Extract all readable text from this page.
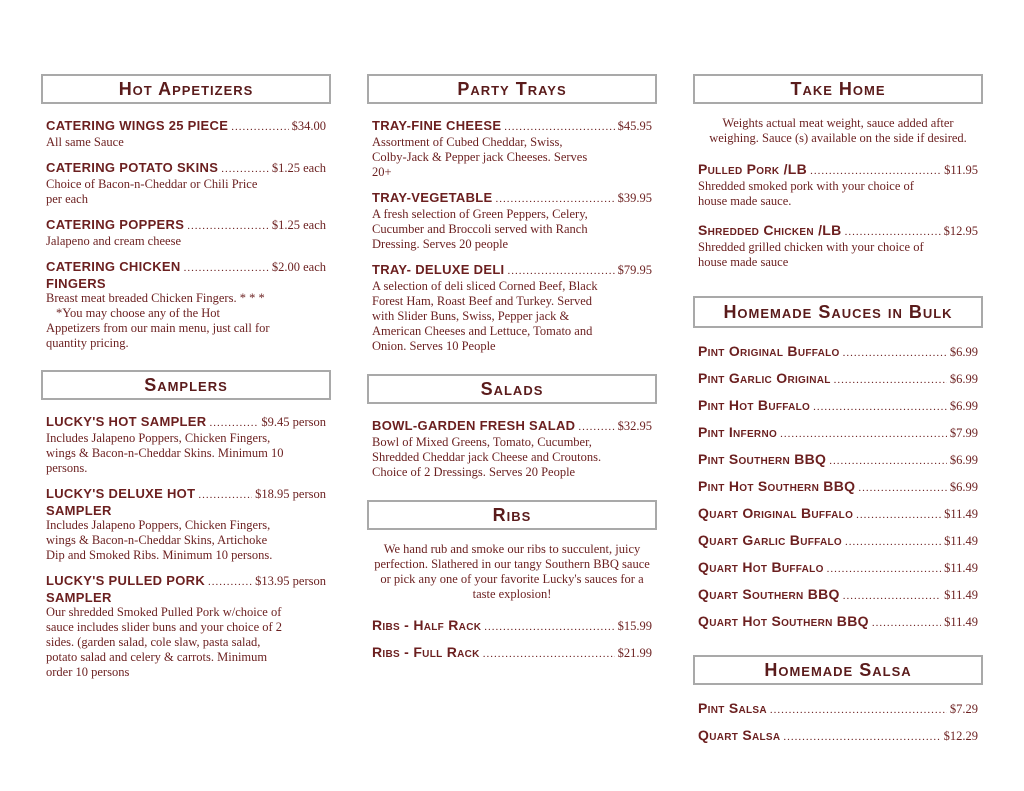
Hot Appetizers
CATERING WINGS 25 PIECE .....	$34.00
All same Sauce
CATERING POTATO SKINS .....	$1.25 each
Choice of Bacon-n-Cheddar or Chili Price per each
CATERING POPPERS .....	$1.25 each
Jalapeno and cream cheese
CATERING CHICKEN .....	$2.00 each
FINGERS
Breast meat breaded Chicken Fingers. * * *
*You may choose any of the Hot
Appetizers from our main menu, just call for quantity pricing.
Samplers
LUCKY'S HOT SAMPLER .....	$9.45 person
Includes Jalapeno Poppers, Chicken Fingers, wings & Bacon-n-Cheddar Skins. Minimum 10 persons.
LUCKY'S DELUXE HOT .....	$18.95 person
SAMPLER
Includes Jalapeno Poppers, Chicken Fingers, wings & Bacon-n-Cheddar Skins, Artichoke Dip and Smoked Ribs. Minimum 10 persons.
LUCKY'S PULLED PORK .....	$13.95 person
SAMPLER
Our shredded Smoked Pulled Pork w/choice of sauce includes slider buns and your choice of 2 sides. (garden salad, cole slaw, pasta salad, potato salad and celery & carrots. Minimum order 10 persons
Party Trays
TRAY-FINE CHEESE .....	$45.95
Assortment of Cubed Cheddar, Swiss, Colby-Jack & Pepper jack Cheeses. Serves 20+
TRAY-VEGETABLE .....	$39.95
A fresh selection of Green Peppers, Celery, Cucumber and Broccoli served with Ranch Dressing. Serves 20 people
TRAY- DELUXE DELI .....	$79.95
A selection of deli sliced Corned Beef, Black Forest Ham, Roast Beef and Turkey. Served with Slider Buns, Swiss, Pepper jack & American Cheeses and Lettuce, Tomato and Onion. Serves 10 People
Salads
BOWL-GARDEN FRESH SALAD .....	$32.95
Bowl of Mixed Greens, Tomato, Cucumber, Shredded Cheddar jack Cheese and Croutons. Choice of 2 Dressings. Serves 20 People
Ribs
We hand rub and smoke our ribs to succulent, juicy perfection. Slathered in our tangy Southern BBQ sauce or pick any one of your favorite Lucky's sauces for a taste explosion!
Ribs - Half Rack .....	$15.99
Ribs - Full Rack .....	$21.99
Take Home
Weights actual meat weight, sauce added after weighing. Sauce (s) available on the side if desired.
Pulled Pork /LB .....	$11.95
Shredded smoked pork with your choice of house made sauce.
Shredded Chicken /LB .....	$12.95
Shredded grilled chicken with your choice of house made sauce
Homemade Sauces in Bulk
Pint Original Buffalo .....	$6.99
Pint Garlic Original .....	$6.99
Pint Hot Buffalo .....	$6.99
Pint Inferno .....	$7.99
Pint Southern BBQ .....	$6.99
Pint Hot Southern BBQ .....	$6.99
Quart Original Buffalo .....	$11.49
Quart Garlic Buffalo .....	$11.49
Quart Hot Buffalo .....	$11.49
Quart Southern BBQ .....	$11.49
Quart Hot Southern BBQ .....	$11.49
Homemade Salsa
Pint Salsa .....	$7.29
Quart Salsa .....	$12.29
